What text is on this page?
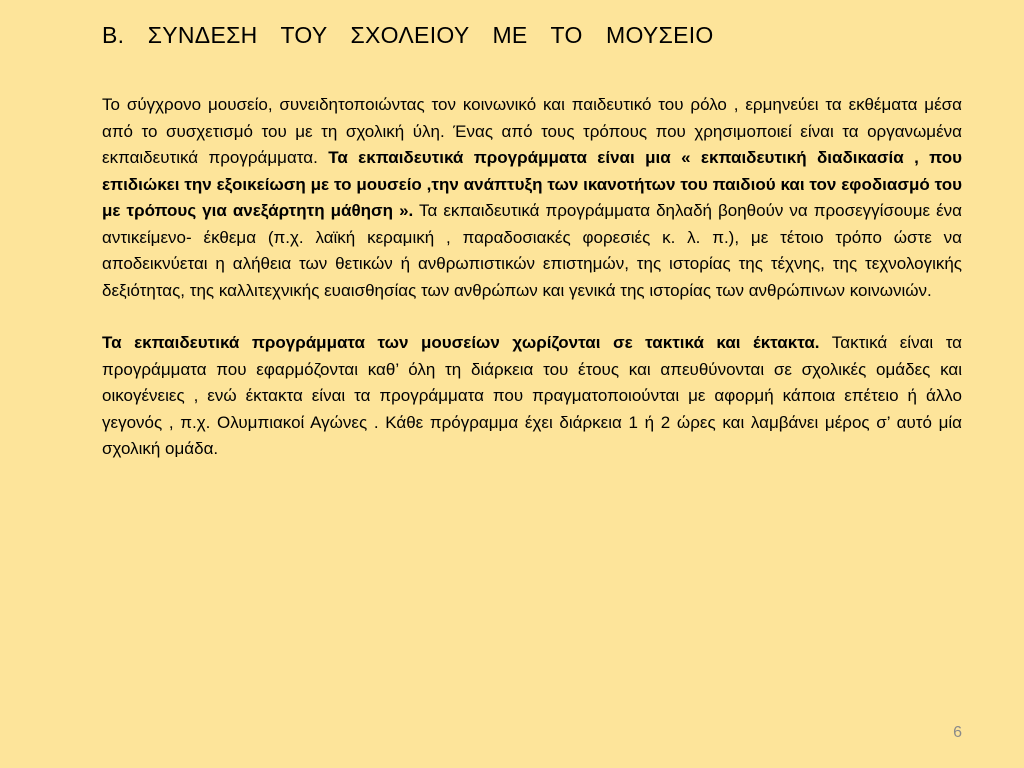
Β.  ΣΥΝΔΕΣΗ  ΤΟΥ  ΣΧΟΛΕΙΟΥ  ΜΕ  ΤΟ  ΜΟΥΣΕΙΟ

Το σύγχρονο μουσείο, συνειδητοποιώντας τον κοινωνικό και παιδευτικό του ρόλο , ερμηνεύει τα εκθέματα μέσα από το συσχετισμό του με τη σχολική ύλη. Ένας από τους τρόπους που χρησιμοποιεί είναι τα οργανωμένα εκπαιδευτικά προγράμματα. Τα εκπαιδευτικά προγράμματα είναι μια « εκπαιδευτική διαδικασία , που επιδιώκει την εξοικείωση με το μουσείο ,την ανάπτυξη των ικανοτήτων του παιδιού και τον εφοδιασμό του με τρόπους για ανεξάρτητη μάθηση ». Τα εκπαιδευτικά προγράμματα δηλαδή βοηθούν να προσεγγίσουμε ένα αντικείμενο- έκθεμα (π.χ. λαϊκή κεραμική , παραδοσιακές φορεσιές κ. λ. π.), με τέτοιο τρόπο ώστε να αποδεικνύεται η αλήθεια των θετικών ή ανθρωπιστικών επιστημών, της ιστορίας της τέχνης, της τεχνολογικής δεξιότητας, της καλλιτεχνικής ευαισθησίας των ανθρώπων και γενικά της ιστορίας των ανθρώπινων κοινωνιών.

Τα εκπαιδευτικά προγράμματα των μουσείων χωρίζονται σε τακτικά και έκτακτα. Τακτικά είναι τα προγράμματα που εφαρμόζονται καθ’ όλη τη διάρκεια του έτους και απευθύνονται σε σχολικές ομάδες και οικογένειες , ενώ έκτακτα είναι τα προγράμματα που πραγματοποιούνται με αφορμή κάποια επέτειο ή άλλο γεγονός , π.χ. Ολυμπιακοί Αγώνες . Κάθε πρόγραμμα έχει διάρκεια 1 ή 2 ώρες και λαμβάνει μέρος σ’ αυτό μία σχολική ομάδα.

6
